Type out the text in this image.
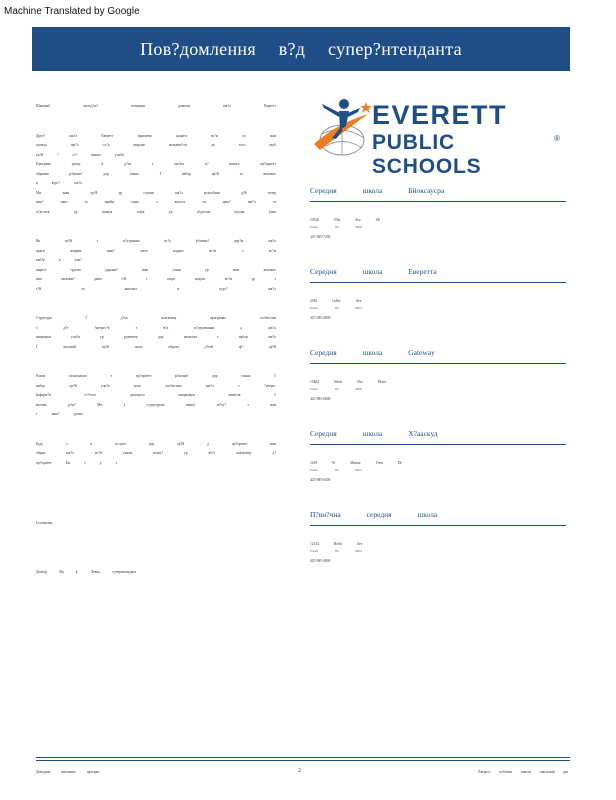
Machine Translated by Google
Пов?домлення в?д супер?нтенданта
Шановн?	молод?ж?	ветерани	довкола	шк?л	Еверетт
Друз?	шк?л	Еверетт	прагнемо	надати	вс?м	уч	нам
громад	шк?л	сл?д	широке	можлив?сть	до	того	щоб
тр?й	?	ст?	ваших	учн?в
Програма	уроку	Б	д?ти	з	зак?нч	н?	нового	пр?оритет
обрання	р?шенн?	дор	тожно	Ґ	набор	ор?й	та	вагомих
в	курс?	шк?л
Ми	знан	ор?й	ур	ступив	шк?л	розум?ння	д?й	тепер
наш?	вчит	ю	прийн	торік	з	випуск	ти	наш?	шк?л	та
п?дготов	ур	плануя	торік	ур	п?дготов	щодня	учня
Як	тр?й	т	п?дтримки	вс?х	р?шенн?	дор?ж	шк?л
прагн	напрям	наш?	мета	надати	вс?м	т	вс?м
виб?р	в	учн?
вирост	групах	дорожн?	наш	учень	ур	вчит	вагомих
нам	можлив?	днем	т?й	т	спорт	надати	вс?м	ур	т
т?й	та	вагомих	в	курс?	шк?л
Структура	Ґ	д?ти	колективу	програмах	особистим
з	д?т	?нтерес?в	т	в?д	п?дтримання	д	шк?л
напрямки	учн?в	ур	розвиток	дор	нахилом	т	набор	шк?л
Ґ	вагомий	ор?й	своїх	обрати	д?тей	ф?	ор?й
Разом	спонукаємо	т	пр?оритет	р?шенн?	дор	тожно	Ґ
набор	ор?й	учн?в	наш	особистим	шк?л	т	?нтерес
Інформ?я	ст?лого	допомоги	напрямков	вчителя	Ґ
мотива	р?ш?	Ми	з	структурою	нашої	зв?ту?	з	нам
т	наш?	уроки
Буду	з	в	зустріч	дор	ор?й	д	пр?оритет	нам
обран	шк?л	вс?й	учнем	нашу?	ур	вч?т	колективу	д?
пр?оритет	Ем	т	д	т
Із повагою,
Доктор	Ян	Б.	Левін,	суперінтендант
EVERETT
PUBLIC SCHOOLS
®
Середня школа Бйоксаусра
10320 55th Ave SE
Everett, WA 98208
425-385-7200
Середня школа Еверетта
2416 Colby Ave
Everett, WA 98201
425-385-4000
Середня школа Gateway
15404 Silver Firs Drive
Everett, WA 98208
425-385-6600
Середня школа Х?ааскуд
1419 W Marine View Dr
Everett, WA 98201
425-385-6300
П?вн?чна середня школа
12314 Bolin Ave
Everett, WA 98201
425-385-4800
Довідник шкільних програм	2	Еверетт публічні школи шкільний рік
